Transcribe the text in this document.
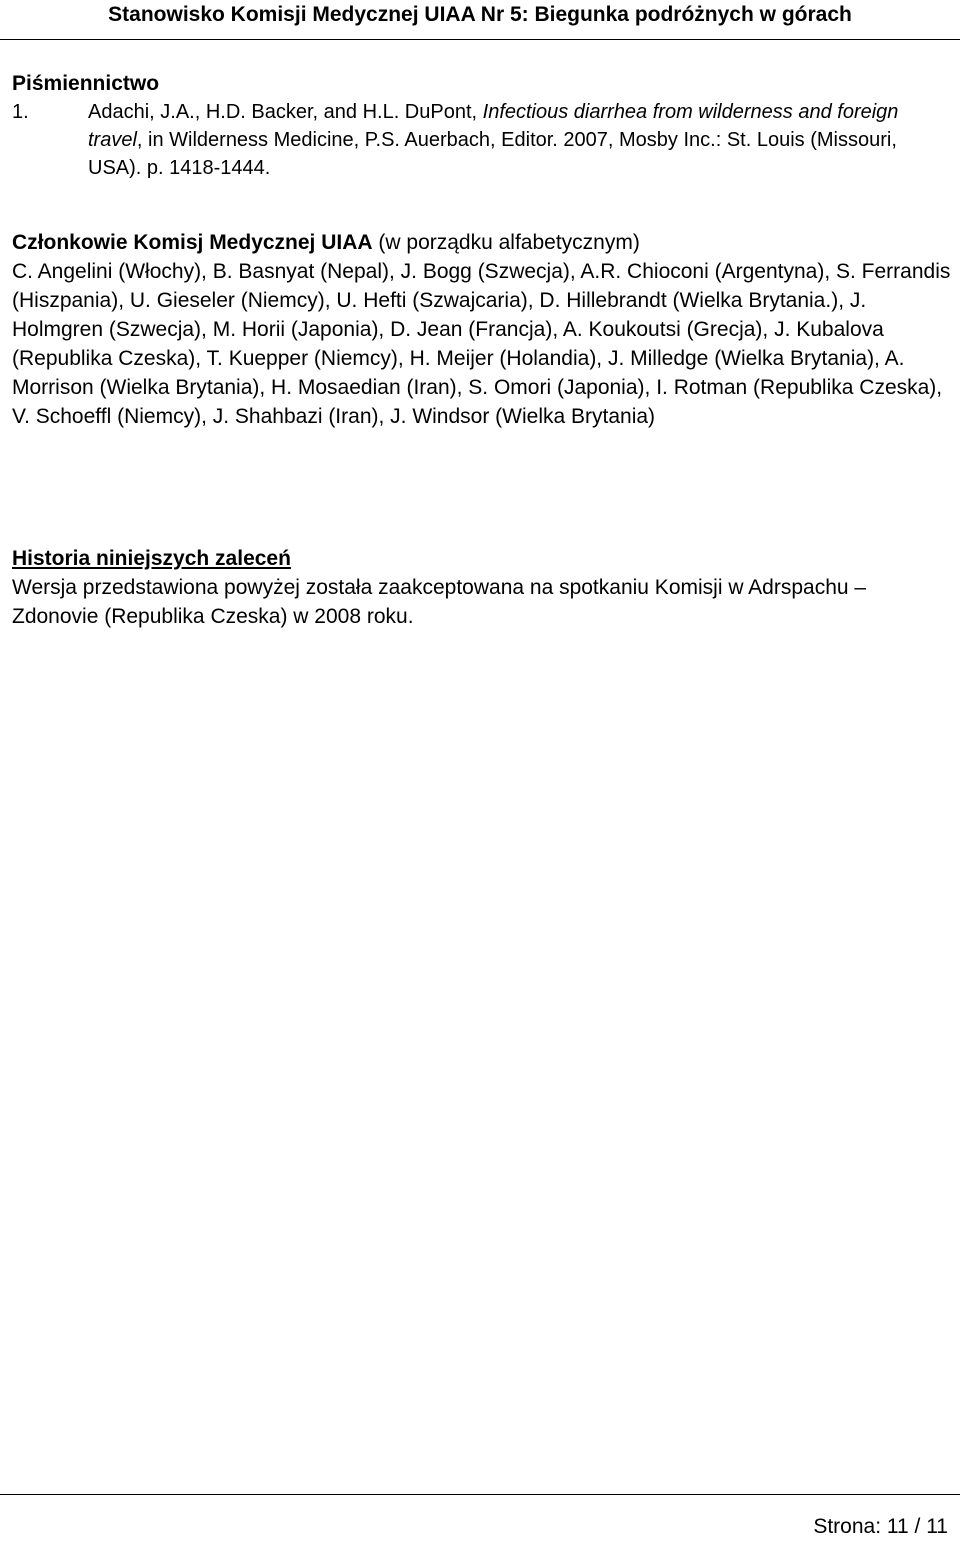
Stanowisko Komisji Medycznej UIAA Nr 5: Biegunka podróżnych w górach
Piśmiennictwo
1.	Adachi, J.A., H.D. Backer, and H.L. DuPont, Infectious diarrhea from wilderness and foreign travel, in Wilderness Medicine, P.S. Auerbach, Editor. 2007, Mosby Inc.: St. Louis (Missouri, USA). p. 1418-1444.
Członkowie Komisj Medycznej UIAA (w porządku alfabetycznym)
C. Angelini (Włochy), B. Basnyat (Nepal), J. Bogg (Szwecja), A.R. Chioconi (Argentyna), S. Ferrandis (Hiszpania), U. Gieseler (Niemcy), U. Hefti (Szwajcaria), D. Hillebrandt (Wielka Brytania.), J. Holmgren (Szwecja), M. Horii (Japonia), D. Jean (Francja), A. Koukoutsi (Grecja), J. Kubalova (Republika Czeska), T. Kuepper (Niemcy), H. Meijer (Holandia), J. Milledge (Wielka Brytania), A. Morrison (Wielka Brytania), H. Mosaedian (Iran), S. Omori (Japonia), I. Rotman (Republika Czeska), V. Schoeffl (Niemcy), J. Shahbazi (Iran), J. Windsor (Wielka Brytania)
Historia niniejszych zaleceń
Wersja przedstawiona powyżej została zaakceptowana na spotkaniu Komisji w Adrspachu – Zdonovie (Republika Czeska) w 2008 roku.
Strona: 11 / 11
